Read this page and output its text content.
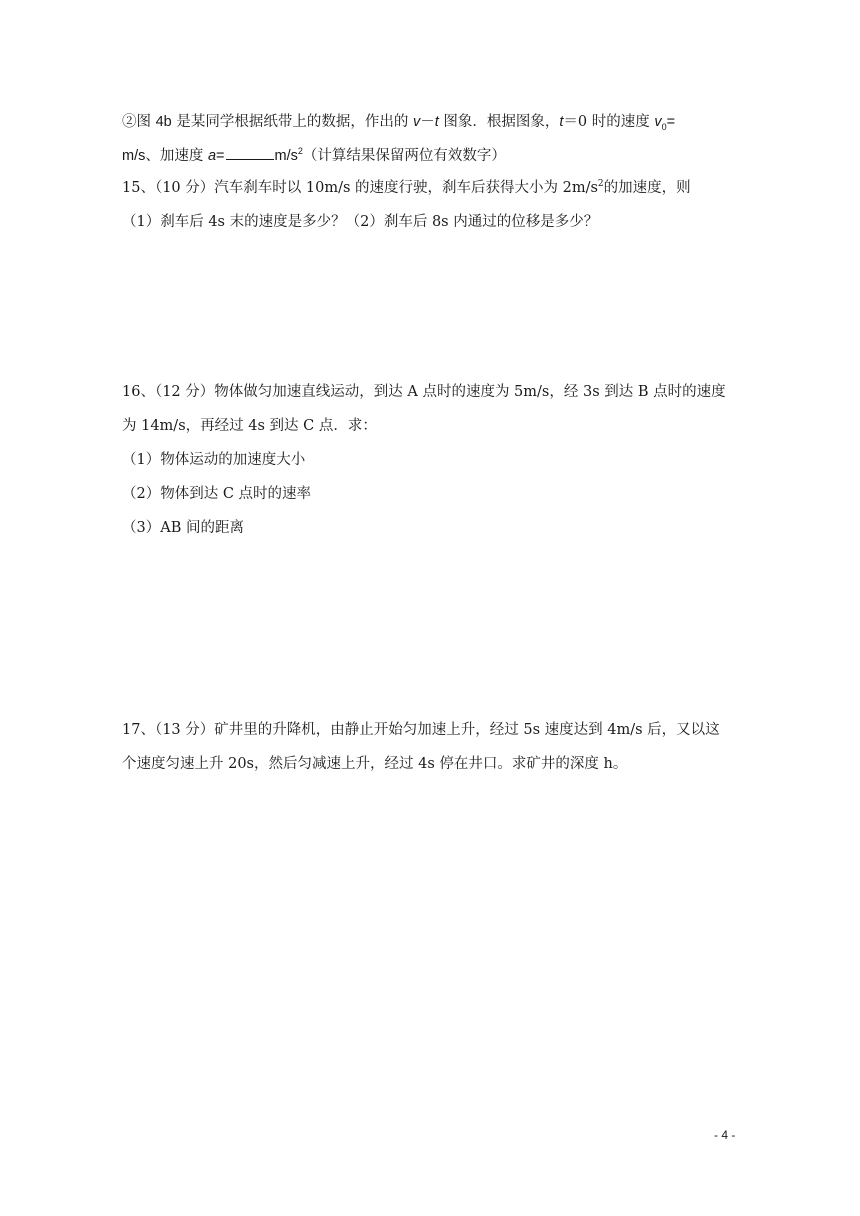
②图 4b 是某同学根据纸带上的数据，作出的 v－t 图象．根据图象，t＝0 时的速度 $v_0=$
m/s、加速度 a=	$m/s^2$（计算结果保留两位有效数字）
15、（10 分）汽车刹车时以 10m/s 的速度行驶，刹车后获得大小为 $2m/s^2$的加速度，则
（1）刹车后 4s 末的速度是多少？（2）刹车后 8s 内通过的位移是多少？
16、（12 分）物体做匀加速直线运动，到达 A 点时的速度为 5m/s，经 3s 到达 B 点时的速度
为 14m/s，再经过 4s 到达 C 点．求：
（1）物体运动的加速度大小
（2）物体到达 C 点时的速率
（3）AB 间的距离
17、（13 分）矿井里的升降机，由静止开始匀加速上升，经过 5s 速度达到 4m/s 后，又以这
个速度匀速上升 20s，然后匀减速上升，经过 4s 停在井口。求矿井的深度 h。
- 4 -
